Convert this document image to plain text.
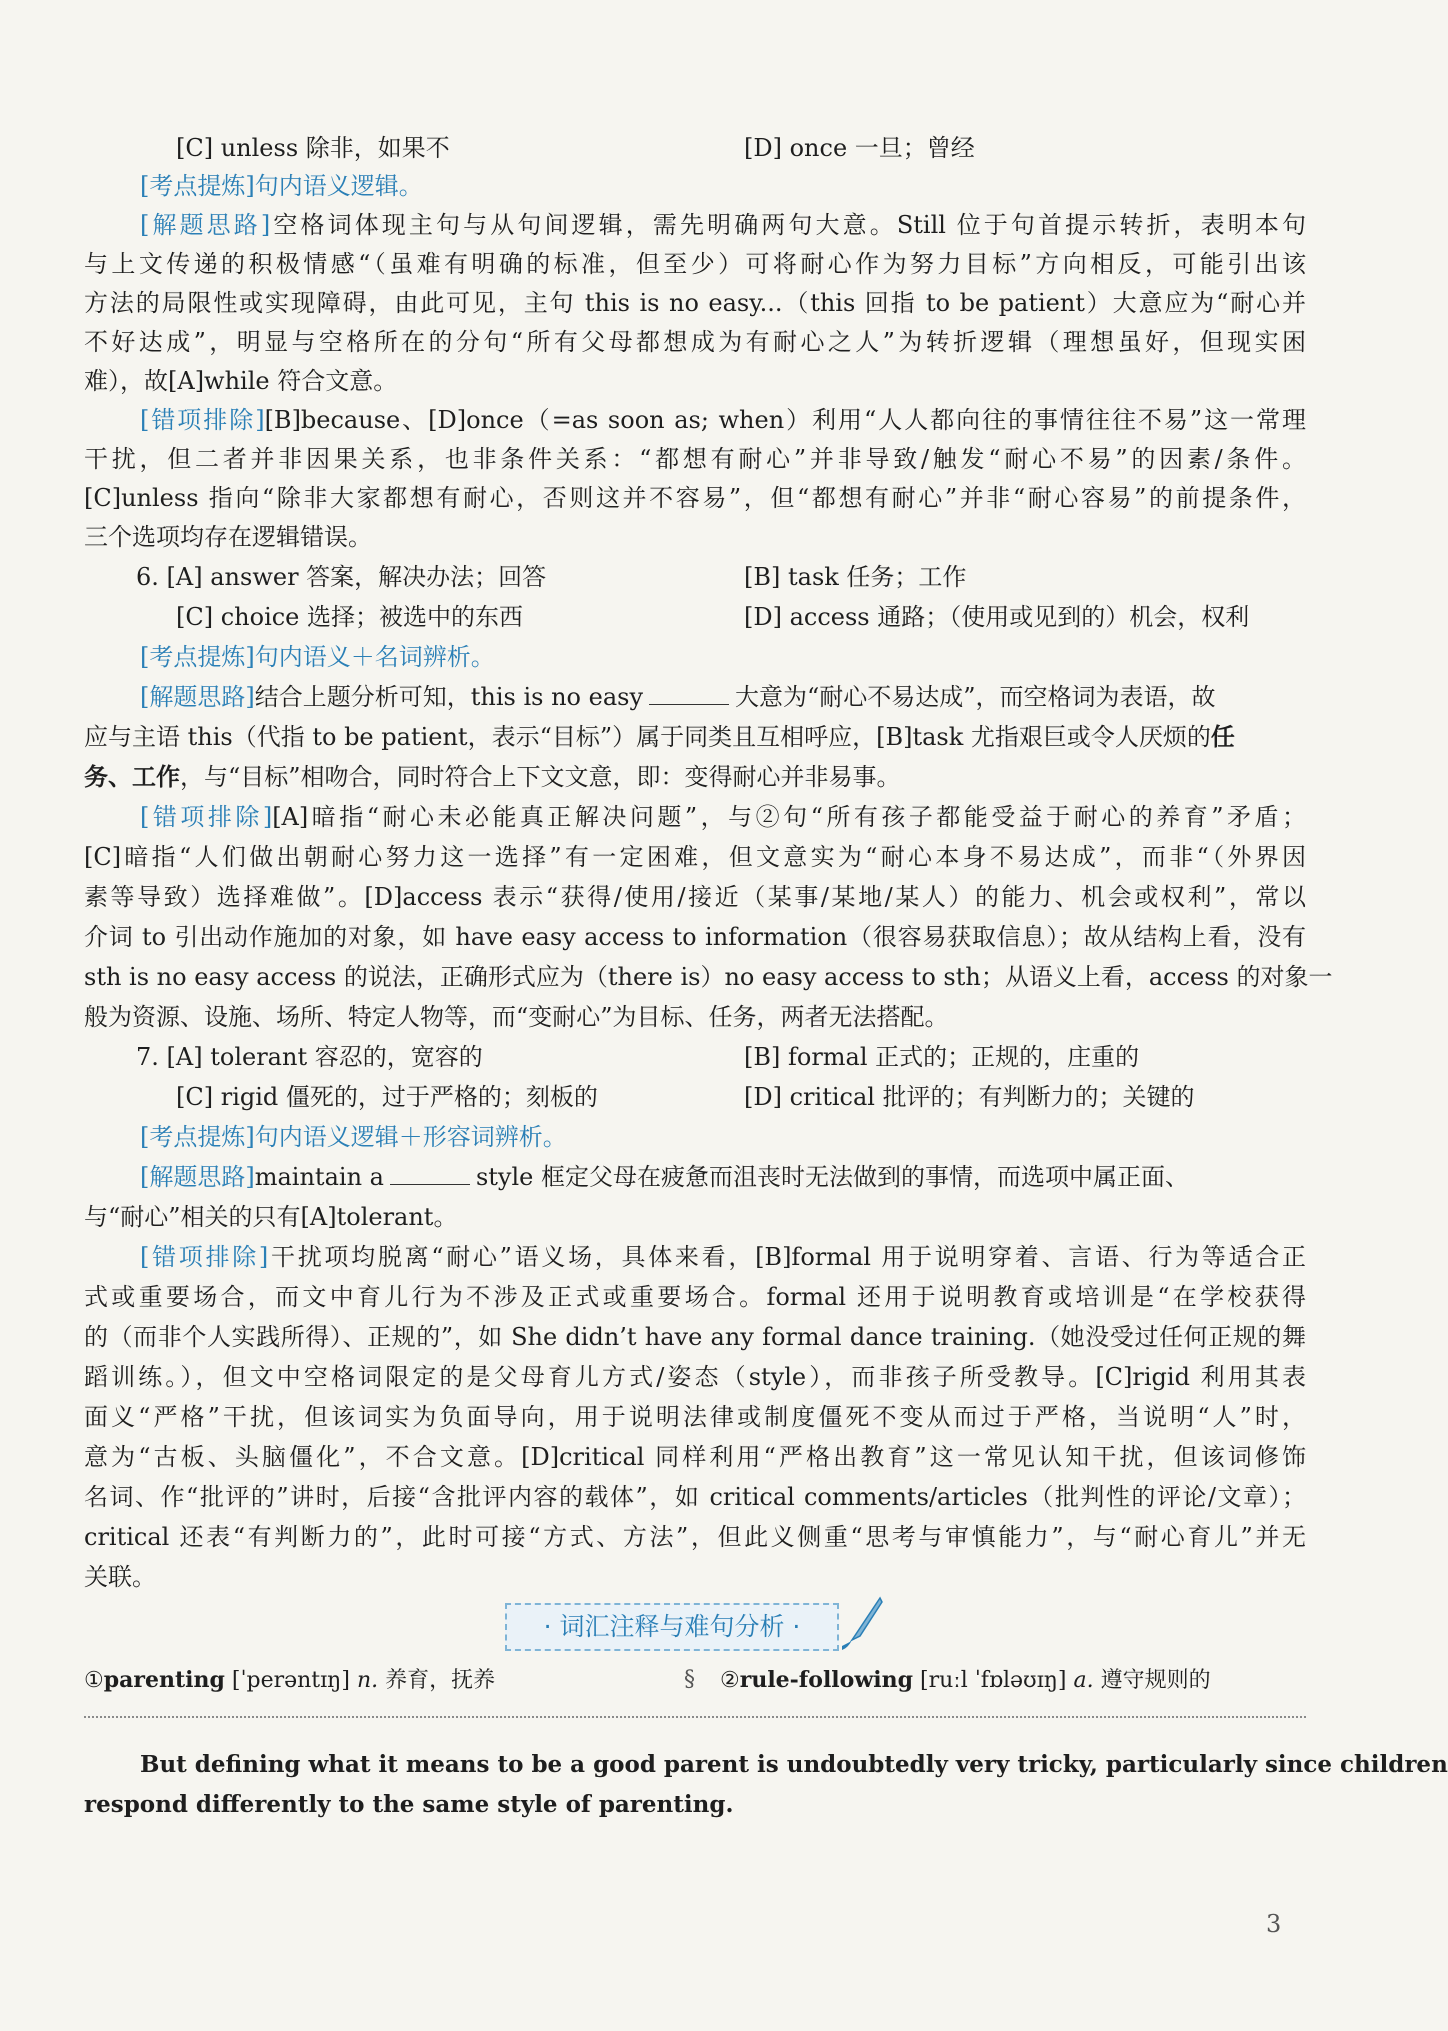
[C] unless 除非，如果不	[D] once 一旦；曾经
[考点提炼]句内语义逻辑。
[解题思路]空格词体现主句与从句间逻辑，需先明确两句大意。Still 位于句首提示转折，表明本句
与上文传递的积极情感“（虽难有明确的标准，但至少）可将耐心作为努力目标”方向相反，可能引出该
方法的局限性或实现障碍，由此可见，主句 this is no easy...（this 回指 to be patient）大意应为“耐心并
不好达成”，明显与空格所在的分句“所有父母都想成为有耐心之人”为转折逻辑（理想虽好，但现实困
难），故[A]while 符合文意。
[错项排除][B]because、[D]once（=as soon as; when）利用“人人都向往的事情往往不易”这一常理
干扰，但二者并非因果关系，也非条件关系：“都想有耐心”并非导致/触发“耐心不易”的因素/条件。
[C]unless 指向“除非大家都想有耐心，否则这并不容易”，但“都想有耐心”并非“耐心容易”的前提条件，
三个选项均存在逻辑错误。
6. [A] answer 答案，解决办法；回答	[B] task 任务；工作
[C] choice 选择；被选中的东西	[D] access 通路；（使用或见到的）机会，权利
[考点提炼]句内语义＋名词辨析。
[解题思路]结合上题分析可知，this is no easy	大意为“耐心不易达成”，而空格词为表语，故
应与主语 this（代指 to be patient，表示“目标”）属于同类且互相呼应，[B]task 尤指艰巨或令人厌烦的任
务、工作，与“目标”相吻合，同时符合上下文文意，即：变得耐心并非易事。
[错项排除][A]暗指“耐心未必能真正解决问题”，与②句“所有孩子都能受益于耐心的养育”矛盾；
[C]暗指“人们做出朝耐心努力这一选择”有一定困难，但文意实为“耐心本身不易达成”，而非“（外界因
素等导致）选择难做”。[D]access 表示“获得/使用/接近（某事/某地/某人）的能力、机会或权利”，常以
介词 to 引出动作施加的对象，如 have easy access to information（很容易获取信息）；故从结构上看，没有
sth is no easy access 的说法，正确形式应为（there is）no easy access to sth；从语义上看，access 的对象一
般为资源、设施、场所、特定人物等，而“变耐心”为目标、任务，两者无法搭配。
7. [A] tolerant 容忍的，宽容的	[B] formal 正式的；正规的，庄重的
[C] rigid 僵死的，过于严格的；刻板的	[D] critical 批评的；有判断力的；关键的
[考点提炼]句内语义逻辑＋形容词辨析。
[解题思路]maintain a	style 框定父母在疲惫而沮丧时无法做到的事情，而选项中属正面、
与“耐心”相关的只有[A]tolerant。
[错项排除]干扰项均脱离“耐心”语义场，具体来看，[B]formal 用于说明穿着、言语、行为等适合正
式或重要场合，而文中育儿行为不涉及正式或重要场合。formal 还用于说明教育或培训是“在学校获得
的（而非个人实践所得）、正规的”，如 She didn’t have any formal dance training.（她没受过任何正规的舞
蹈训练。），但文中空格词限定的是父母育儿方式/姿态（style），而非孩子所受教导。[C]rigid 利用其表
面义“严格”干扰，但该词实为负面导向，用于说明法律或制度僵死不变从而过于严格，当说明“人”时，
意为“古板、头脑僵化”，不合文意。[D]critical 同样利用“严格出教育”这一常见认知干扰，但该词修饰
名词、作“批评的”讲时，后接“含批评内容的载体”，如 critical comments/articles（批判性的评论/文章）；
critical 还表“有判断力的”，此时可接“方式、方法”，但此义侧重“思考与审慎能力”，与“耐心育儿”并无
关联。
· 词汇注释与难句分析 ·
①parenting [ˈperəntɪŋ] n. 养育，抚养	§ ②rule-following [ruːl ˈfɒləʊɪŋ] a. 遵守规则的
But defining what it means to be a good parent is undoubtedly very tricky, particularly since children
respond differently to the same style of parenting.
3
